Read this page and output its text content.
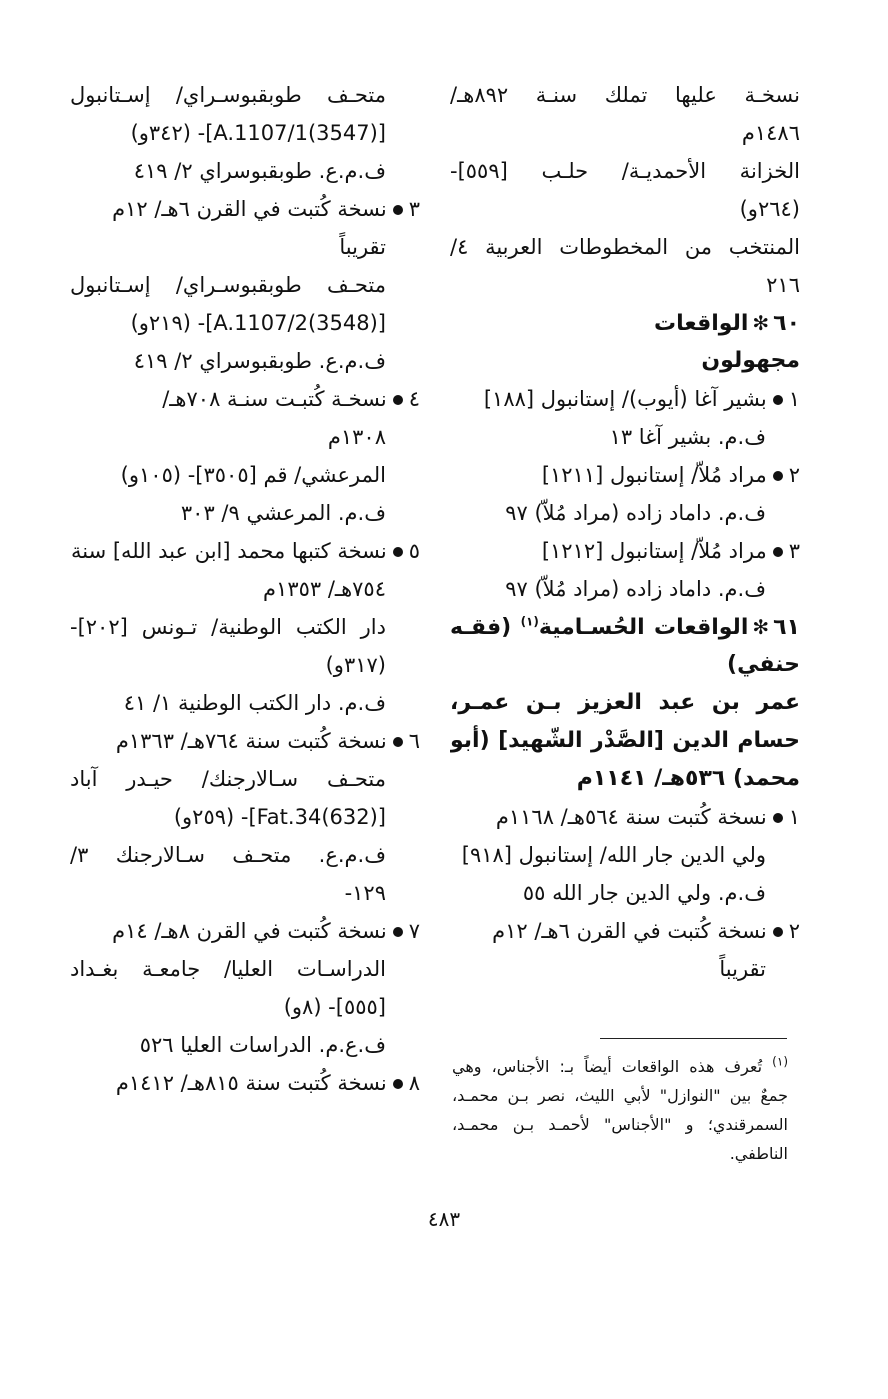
نسخـة عليها تملك سنـة ٨٩٢هـ/
١٤٨٦م
الخزانة الأحمديـة/ حلـب [٥٥٩]-
(٢٦٤و)
المنتخب من المخطوطات العربية ٤/
٢١٦
٦٠✻الواقعات
مجهولون
١بشير آغا (أيوب)/ إستانبول [١٨٨]
ف.م. بشير آغا ١٣
٢مراد مُلاّ/ إستانبول [١٢١١]
ف.م. داماد زاده (مراد مُلاّ) ٩٧
٣مراد مُلاّ/ إستانبول [١٢١٢]
ف.م. داماد زاده (مراد مُلاّ) ٩٧
٦١✻الواقعات الحُسـامية$^{(١)}$ (فقـه
حنفي)
عمر بن عبد العزيز بـن عمـر،
حسام الدين [الصَّدْر الشّهيد] (أبو
محمد) ٥٣٦هـ/ ١١٤١م
١نسخة كُتبت سنة ٥٦٤هـ/ ١١٦٨م
ولي الدين جار الله/ إستانبول [٩١٨]
ف.م. ولي الدين جار الله ٥٥
٢نسخة كُتبت في القرن ٦هـ/ ١٢م
تقريباً
متحـف طوبقبوسـراي/ إسـتانبول
[(3547)A.1107/1]- (٣٤٢و)
ف.م.ع. طوبقبوسراي ٢/ ٤١٩
٣نسخة كُتبت في القرن ٦هـ/ ١٢م
تقريباً
متحـف طوبقبوسـراي/ إسـتانبول
[(3548)A.1107/2]- (٢١٩و)
ف.م.ع. طوبقبوسراي ٢/ ٤١٩
٤نسخـة كُتبـت سنـة ٧٠٨هـ/
١٣٠٨م
المرعشي/ قم [٣٥٠٥]- (١٠٥و)
ف.م. المرعشي ٩/ ٣٠٣
٥نسخة كتبها محمد [ابن عبد الله] سنة
٧٥٤هـ/ ١٣٥٣م
دار الكتب الوطنية/ تـونس [٢٠٢]-
(٣١٧و)
ف.م. دار الكتب الوطنية ١/ ٤١
٦نسخة كُتبت سنة ٧٦٤هـ/ ١٣٦٣م
متحـف سـالارجنك/ حيـدر آباد
[(632)Fat.34]- (٢٥٩و)
ف.م.ع. متحـف سـالارجنك ٣/
١٢٩-
٧نسخة كُتبت في القرن ٨هـ/ ١٤م
الدراسـات العليا/ جامعـة بغـداد
[٥٥٥]- (٨و)
ف.ع.م. الدراسات العليا ٥٢٦
٨نسخة كُتبت سنة ٨١٥هـ/ ١٤١٢م
$^{(١)}$ تُعرف هذه الواقعات أيضاً بـ: الأجناس، وهي
جمعٌ بين "النوازل" لأبي الليث، نصر بـن محمـد،
السمرقندي؛ و "الأجناس" لأحمـد بـن محمـد،
الناطفي.
٤٨٣
